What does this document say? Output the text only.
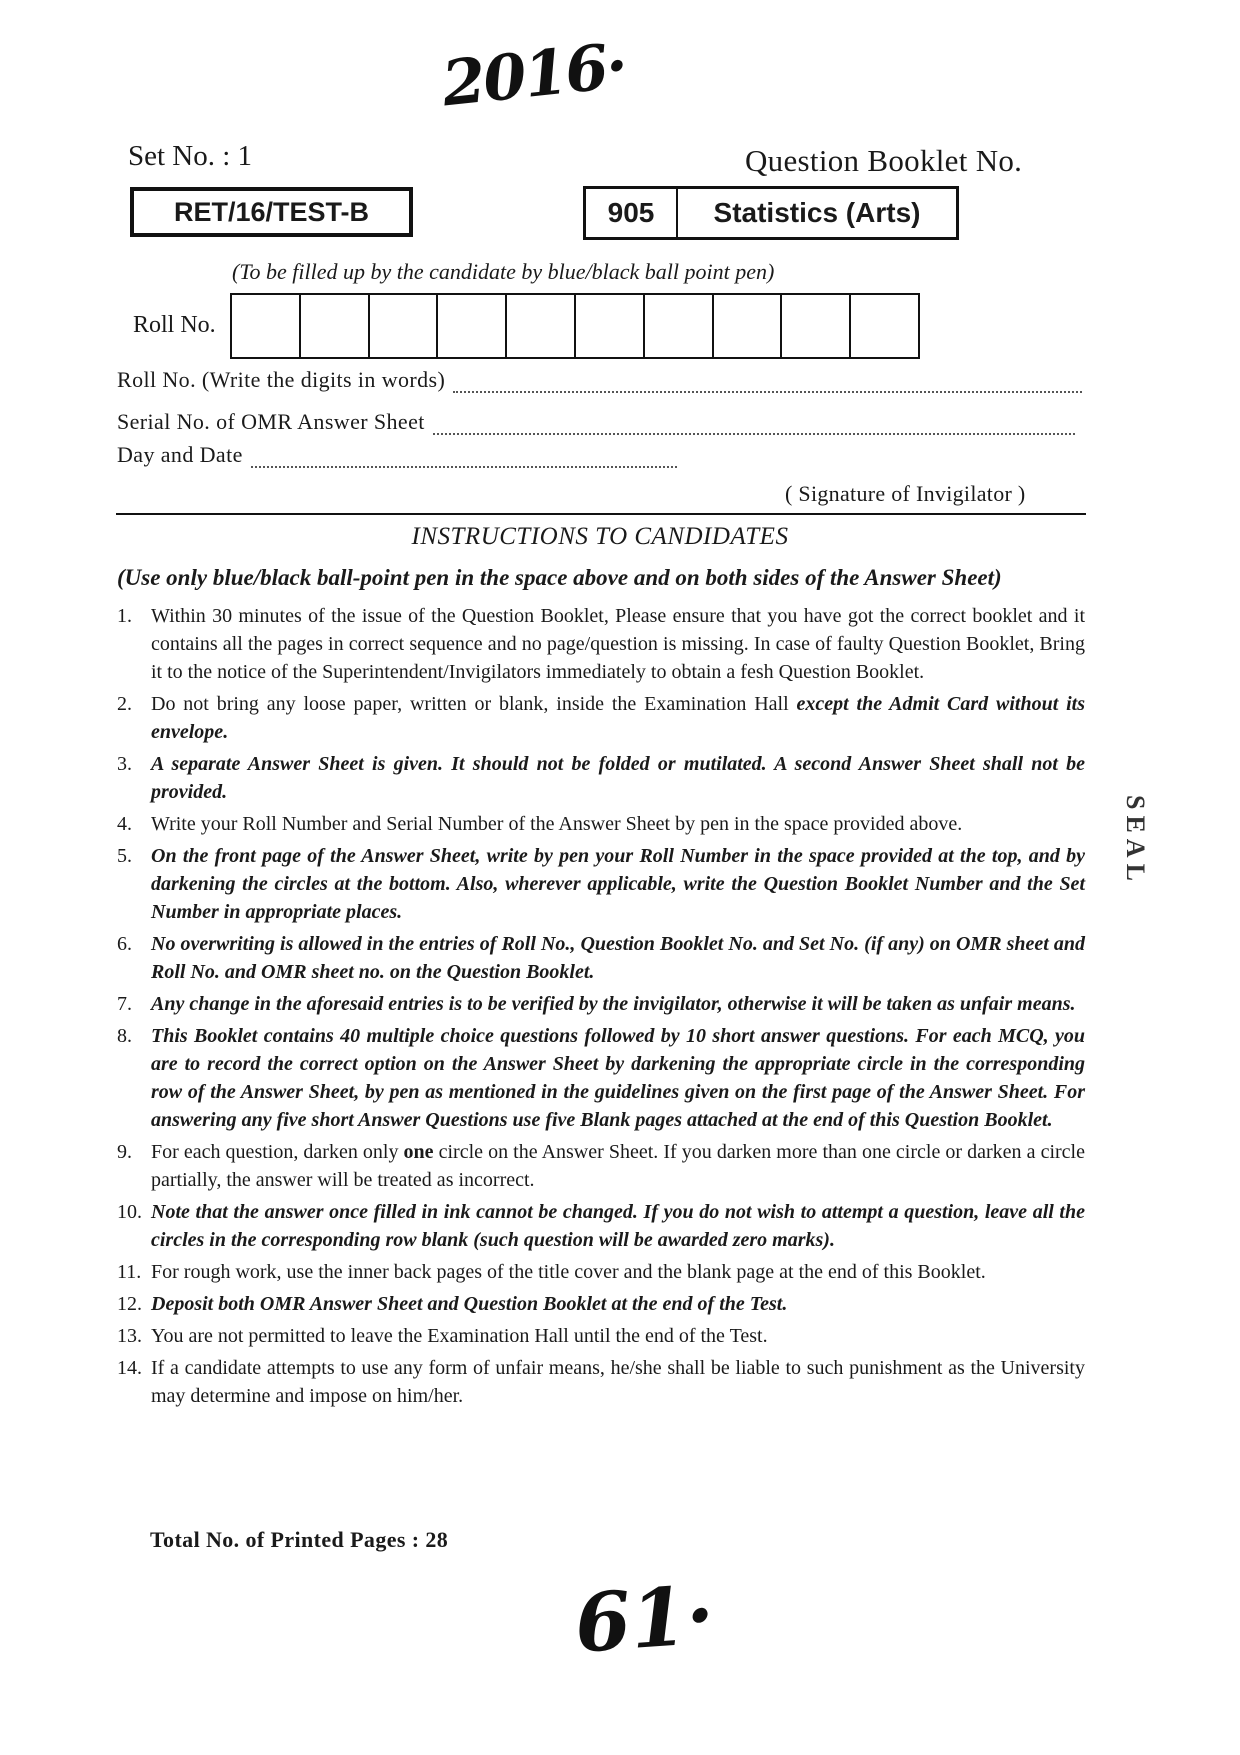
2016·
Set No. : 1	Question Booklet No.
RET/16/TEST-B	905	Statistics (Arts)
(To be filled up by the candidate by blue/black ball point pen)
Roll No.
Roll No. (Write the digits in words)
Serial No. of OMR Answer Sheet
Day and Date
( Signature of Invigilator )
INSTRUCTIONS TO CANDIDATES
(Use only blue/black ball-point pen in the space above and on both sides of the Answer Sheet)
1. Within 30 minutes of the issue of the Question Booklet, Please ensure that you have got the correct booklet and it contains all the pages in correct sequence and no page/question is missing. In case of faulty Question Booklet, Bring it to the notice of the Superintendent/Invigilators immediately to obtain a fesh Question Booklet.
2. Do not bring any loose paper, written or blank, inside the Examination Hall except the Admit Card without its envelope.
3. A separate Answer Sheet is given. It should not be folded or mutilated. A second Answer Sheet shall not be provided.
4. Write your Roll Number and Serial Number of the Answer Sheet by pen in the space provided above.
5. On the front page of the Answer Sheet, write by pen your Roll Number in the space provided at the top, and by darkening the circles at the bottom. Also, wherever applicable, write the Question Booklet Number and the Set Number in appropriate places.
6. No overwriting is allowed in the entries of Roll No., Question Booklet No. and Set No. (if any) on OMR sheet and Roll No. and OMR sheet no. on the Question Booklet.
7. Any change in the aforesaid entries is to be verified by the invigilator, otherwise it will be taken as unfair means.
8. This Booklet contains 40 multiple choice questions followed by 10 short answer questions. For each MCQ, you are to record the correct option on the Answer Sheet by darkening the appropriate circle in the corresponding row of the Answer Sheet, by pen as mentioned in the guidelines given on the first page of the Answer Sheet. For answering any five short Answer Questions use five Blank pages attached at the end of this Question Booklet.
9. For each question, darken only one circle on the Answer Sheet. If you darken more than one circle or darken a circle partially, the answer will be treated as incorrect.
10. Note that the answer once filled in ink cannot be changed. If you do not wish to attempt a question, leave all the circles in the corresponding row blank (such question will be awarded zero marks).
11. For rough work, use the inner back pages of the title cover and the blank page at the end of this Booklet.
12. Deposit both OMR Answer Sheet and Question Booklet at the end of the Test.
13. You are not permitted to leave the Examination Hall until the end of the Test.
14. If a candidate attempts to use any form of unfair means, he/she shall be liable to such punishment as the University may determine and impose on him/her.
Total No. of Printed Pages : 28
61·
SEAL
